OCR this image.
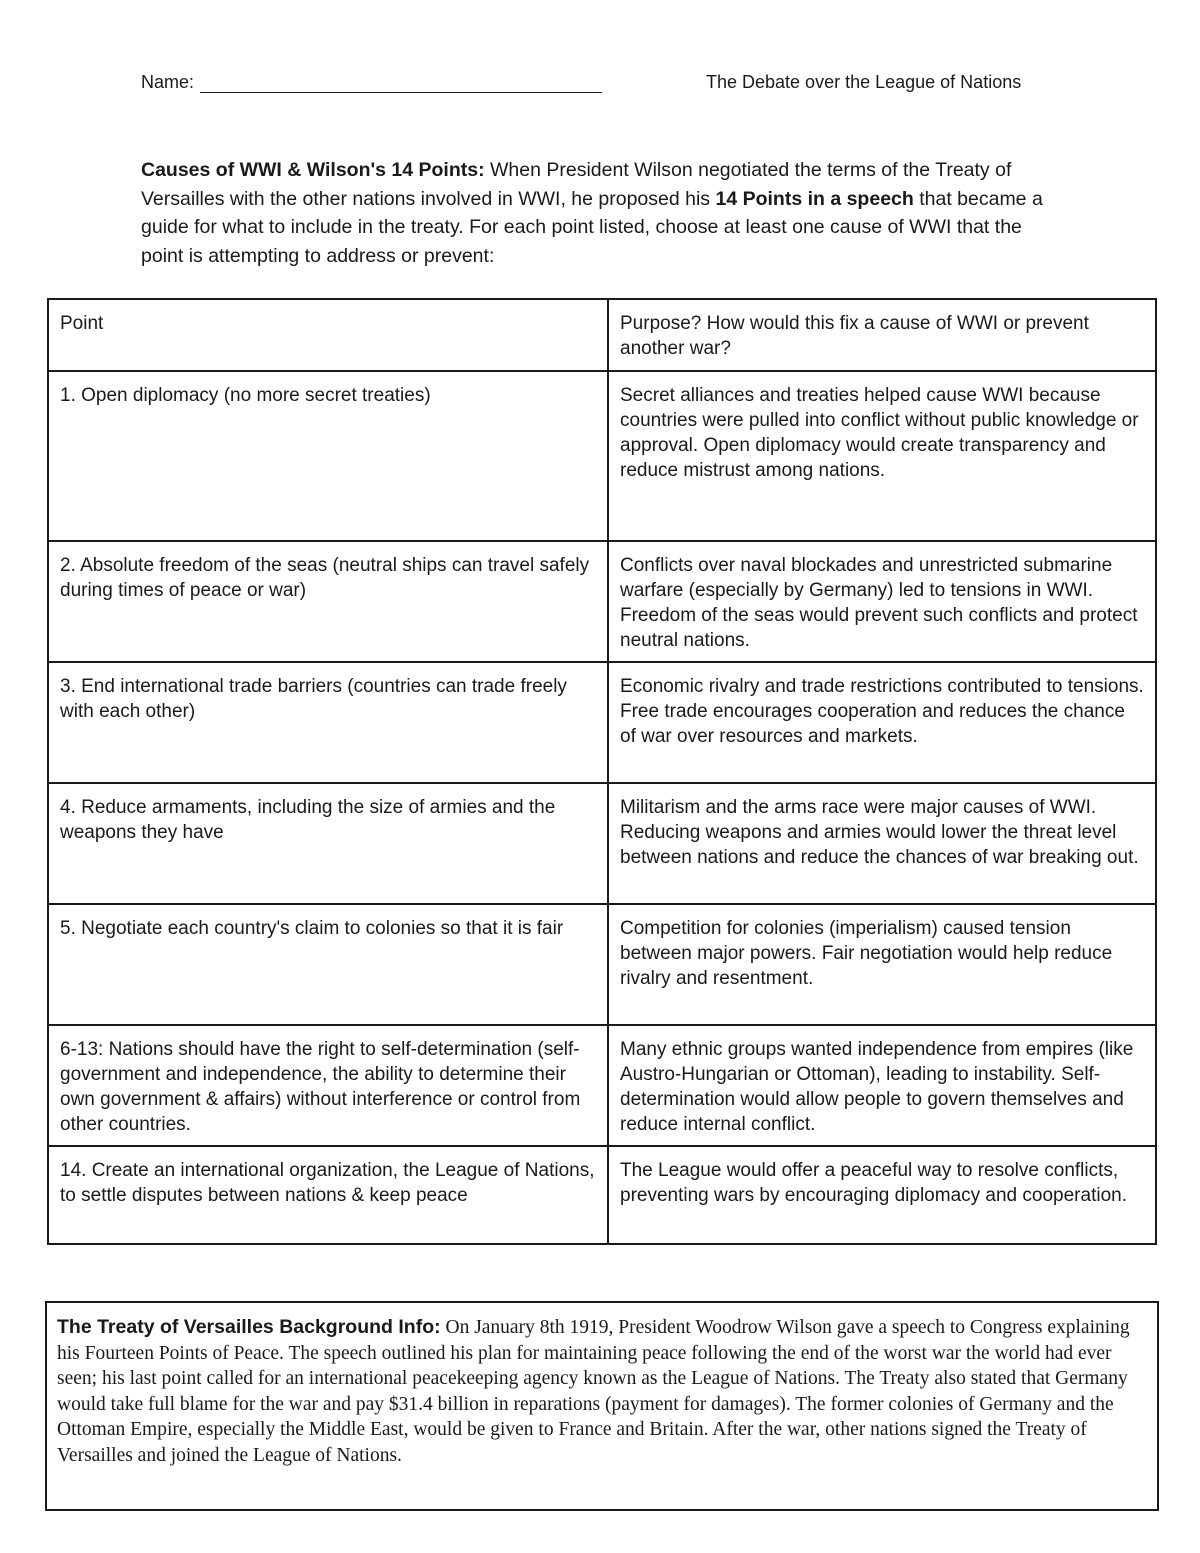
Name:	The Debate over the League of Nations
Causes of WWI & Wilson's 14 Points: When President Wilson negotiated the terms of the Treaty of Versailles with the other nations involved in WWI, he proposed his 14 Points in a speech that became a guide for what to include in the treaty. For each point listed, choose at least one cause of WWI that the point is attempting to address or prevent:
Point	Purpose? How would this fix a cause of WWI or prevent another war?
1. Open diplomacy (no more secret treaties)	Secret alliances and treaties helped cause WWI because countries were pulled into conflict without public knowledge or approval. Open diplomacy would create transparency and reduce mistrust among nations.
2. Absolute freedom of the seas (neutral ships can travel safely during times of peace or war)	Conflicts over naval blockades and unrestricted submarine warfare (especially by Germany) led to tensions in WWI. Freedom of the seas would prevent such conflicts and protect neutral nations.
3. End international trade barriers (countries can trade freely with each other)	Economic rivalry and trade restrictions contributed to tensions. Free trade encourages cooperation and reduces the chance of war over resources and markets.
4. Reduce armaments, including the size of armies and the weapons they have	Militarism and the arms race were major causes of WWI. Reducing weapons and armies would lower the threat level between nations and reduce the chances of war breaking out.
5. Negotiate each country's claim to colonies so that it is fair	Competition for colonies (imperialism) caused tension between major powers. Fair negotiation would help reduce rivalry and resentment.
6-13: Nations should have the right to self-determination (self-government and independence, the ability to determine their own government & affairs) without interference or control from other countries.	Many ethnic groups wanted independence from empires (like Austro-Hungarian or Ottoman), leading to instability. Self-determination would allow people to govern themselves and reduce internal conflict.
14. Create an international organization, the League of Nations, to settle disputes between nations & keep peace	The League would offer a peaceful way to resolve conflicts, preventing wars by encouraging diplomacy and cooperation.
The Treaty of Versailles Background Info: On January 8th 1919, President Woodrow Wilson gave a speech to Congress explaining his Fourteen Points of Peace. The speech outlined his plan for maintaining peace following the end of the worst war the world had ever seen; his last point called for an international peacekeeping agency known as the League of Nations. The Treaty also stated that Germany would take full blame for the war and pay $31.4 billion in reparations (payment for damages). The former colonies of Germany and the Ottoman Empire, especially the Middle East, would be given to France and Britain. After the war, other nations signed the Treaty of Versailles and joined the League of Nations.
